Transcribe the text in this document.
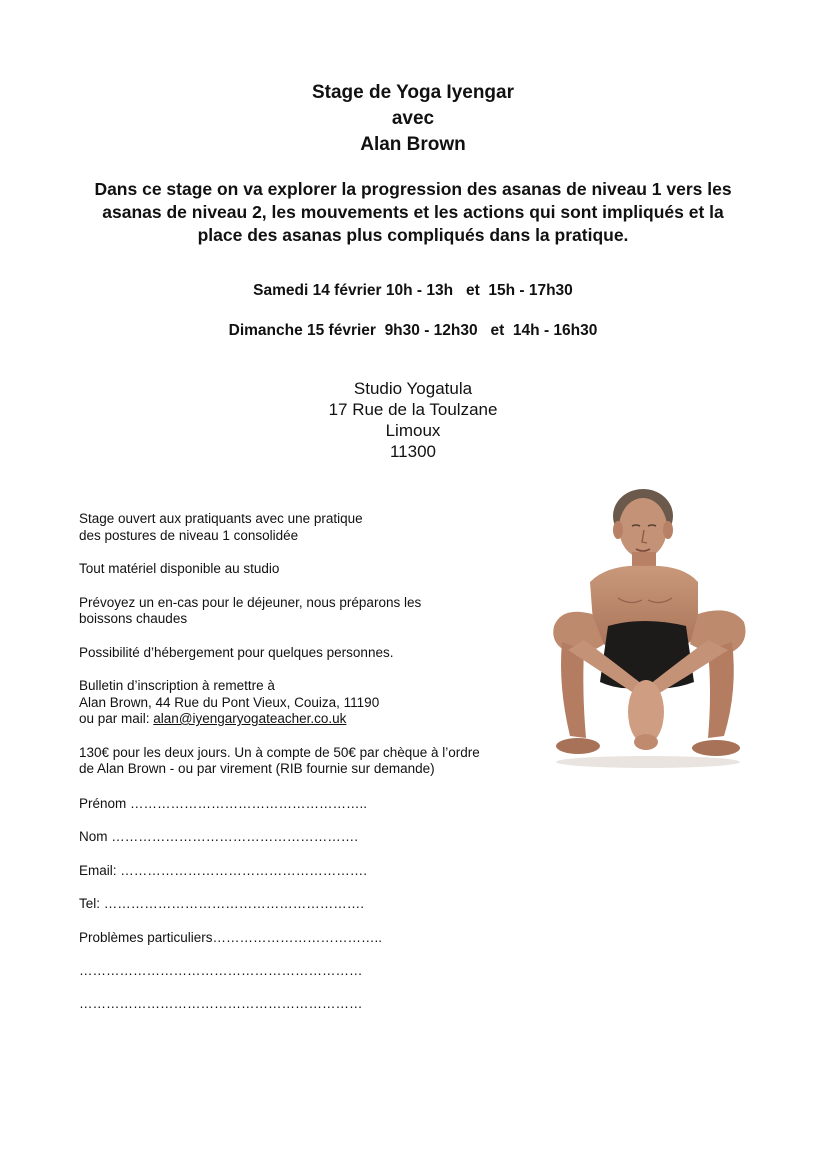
Stage de Yoga Iyengar
avec
Alan Brown
Dans ce stage on va explorer la progression des asanas de niveau 1 vers les
asanas de niveau 2, les mouvements et les actions qui sont impliqués et la
place des asanas plus compliqués dans la pratique.
Samedi 14 février 10h - 13h   et  15h - 17h30
Dimanche 15 février  9h30 - 12h30   et  14h - 16h30
Studio Yogatula
17 Rue de la Toulzane
Limoux
11300

Stage ouvert aux pratiquants avec une pratique
des postures de niveau 1 consolidée

Tout matériel disponible au studio

Prévoyez un en-cas pour le déjeuner, nous préparons les
boissons chaudes

Possibilité d’hébergement pour quelques personnes.

Bulletin d’inscription à remettre à
Alan Brown, 44 Rue du Pont Vieux, Couiza, 11190
ou par mail: alan@iyengaryogateacher.co.uk

130€ pour les deux jours. Un à compte de 50€ par chèque à l’ordre
de Alan Brown - ou par virement (RIB fournie sur demande)

Prénom ……………………………………………..
Nom ……………………………………………….
Email: ……………………………………………….
Tel: ………………………………………………….
Problèmes particuliers………………………………..
………………………………………………………
………………………………………………………
